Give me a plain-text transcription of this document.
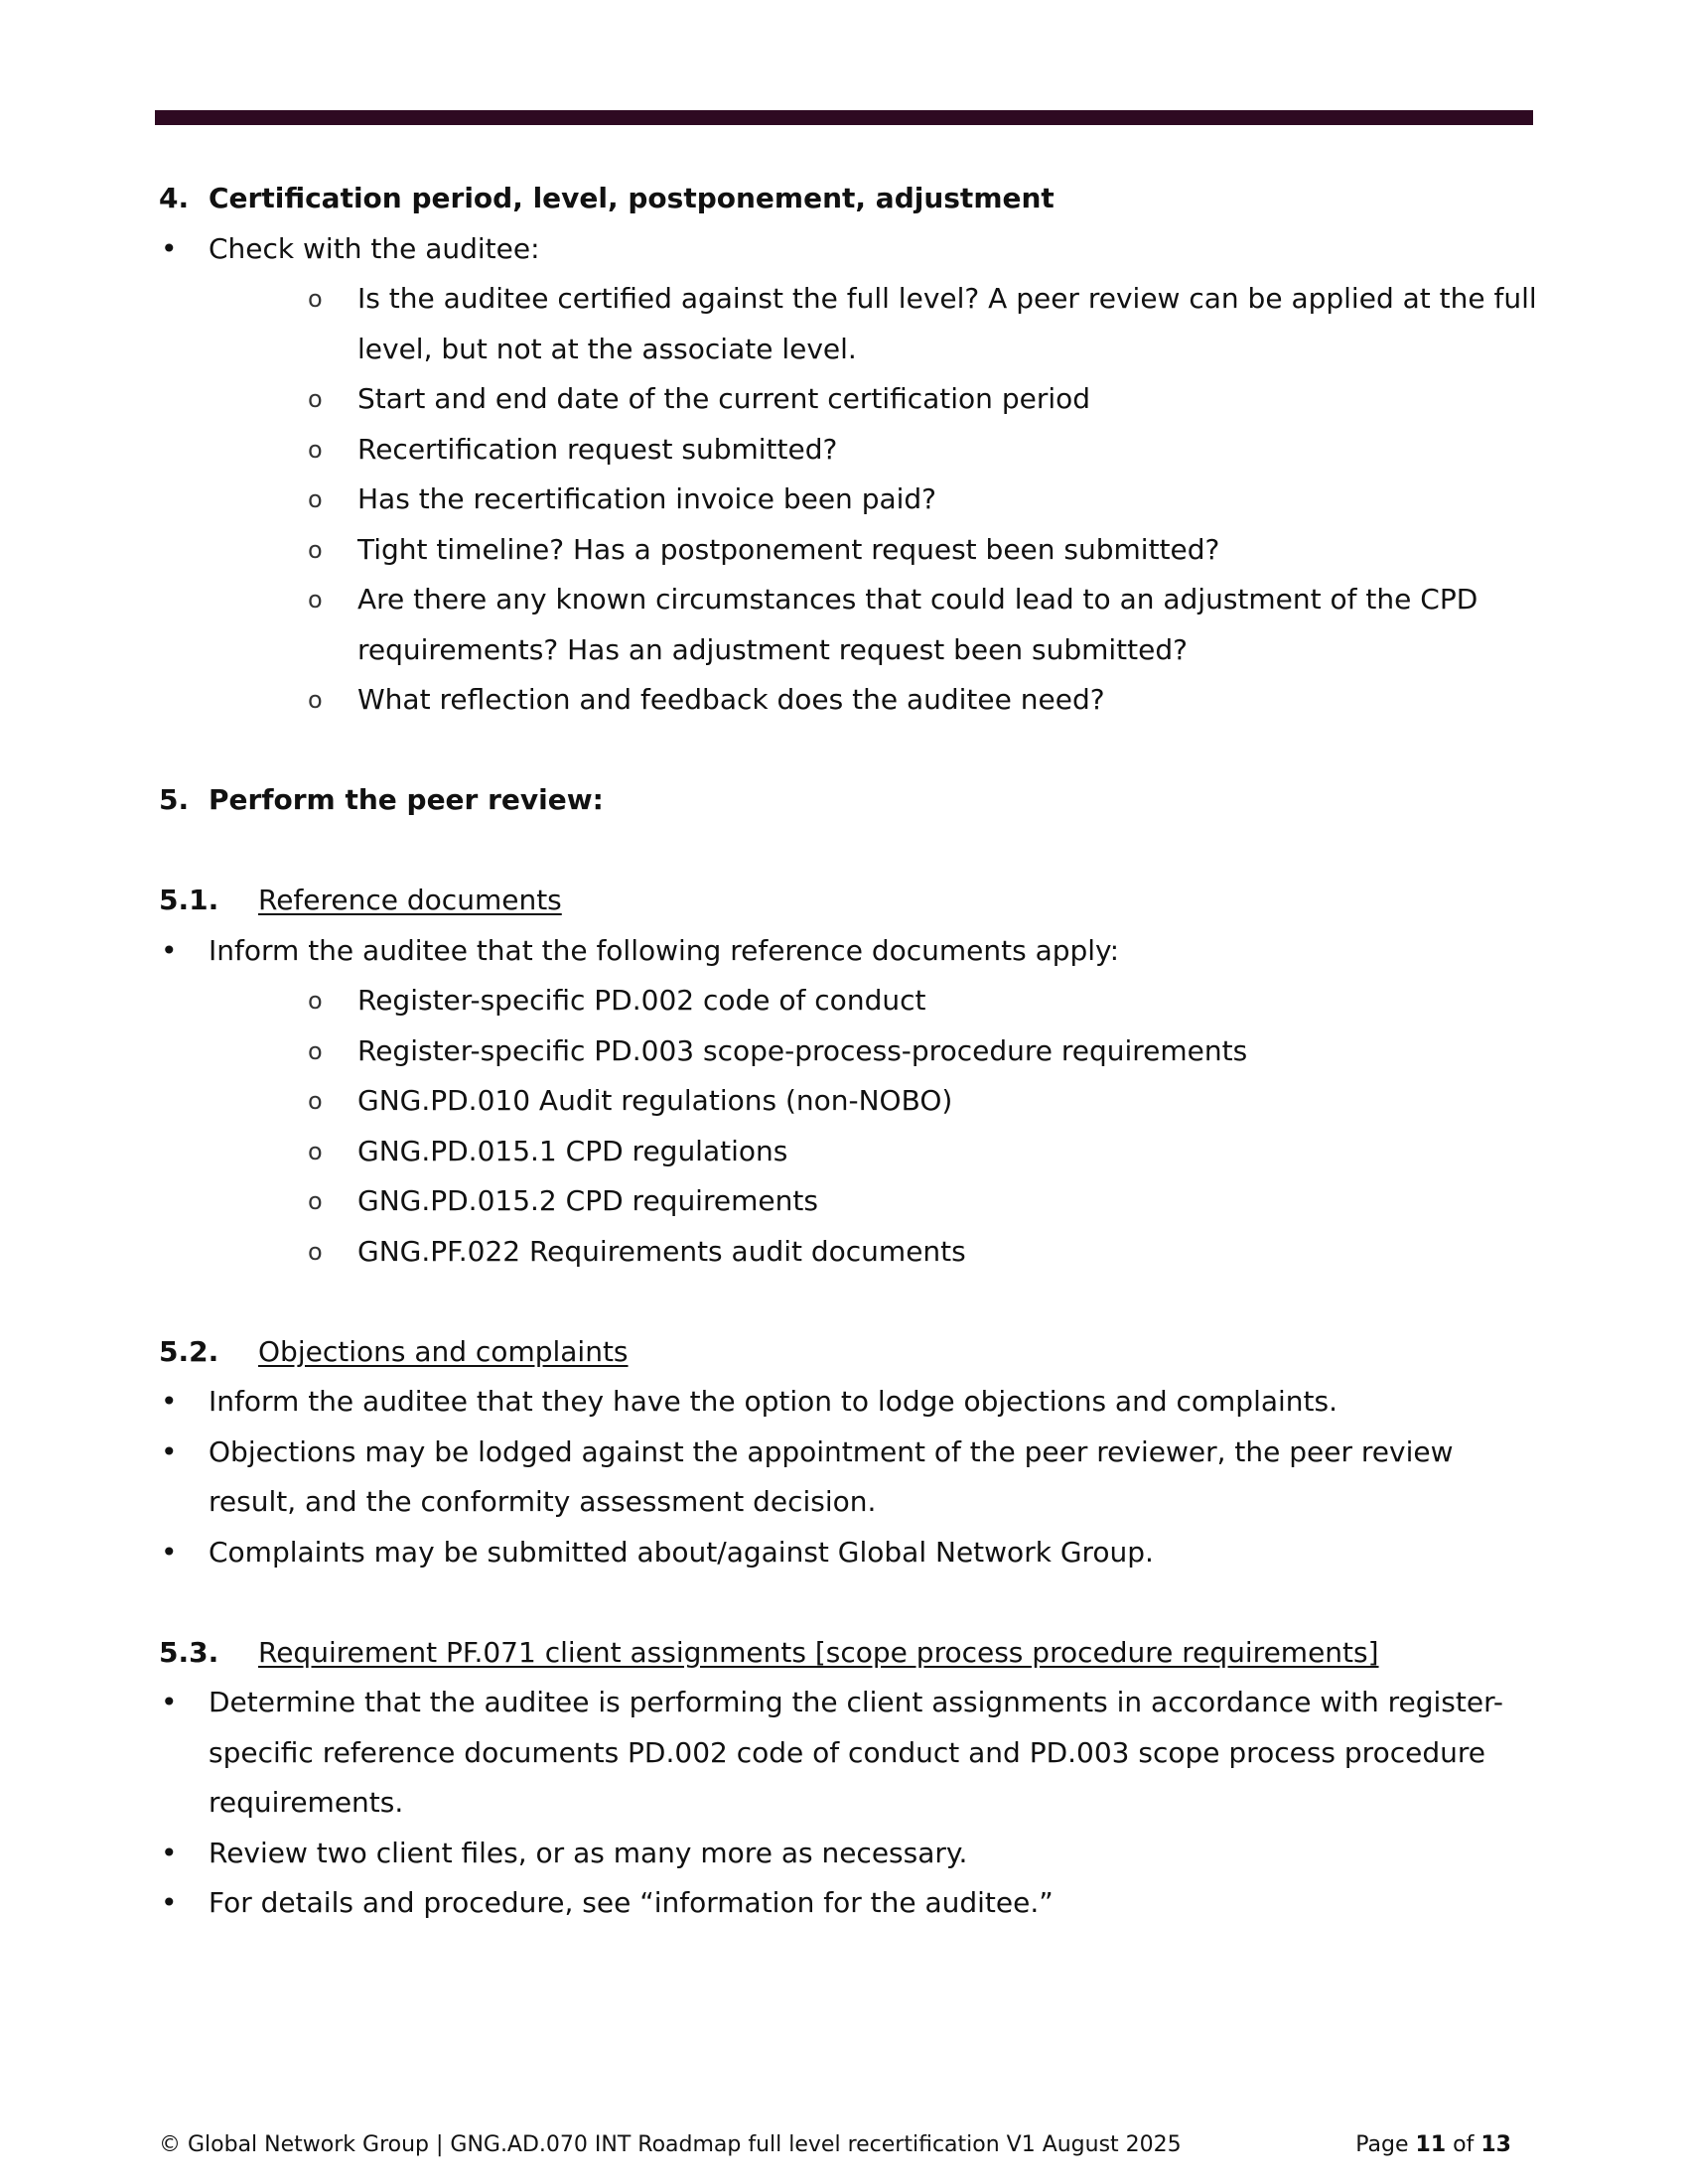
4. Certification period, level, postponement, adjustment
•
Check with the auditee:
o
Is the auditee certified against the full level? A peer review can be applied at the full level, but not at the associate level.
o
Start and end date of the current certification period
o
Recertification request submitted?
o
Has the recertification invoice been paid?
o
Tight timeline? Has a postponement request been submitted?
o
Are there any known circumstances that could lead to an adjustment of the CPD requirements? Has an adjustment request been submitted?
o
What reflection and feedback does the auditee need?
5. Perform the peer review:
5.1.	Reference documents
•
Inform the auditee that the following reference documents apply:
o
Register-specific PD.002 code of conduct
o
Register-specific PD.003 scope-process-procedure requirements
o
GNG.PD.010 Audit regulations (non-NOBO)
o
GNG.PD.015.1 CPD regulations
o
GNG.PD.015.2 CPD requirements
o
GNG.PF.022 Requirements audit documents
5.2.	Objections and complaints
•
Inform the auditee that they have the option to lodge objections and complaints.
•
Objections may be lodged against the appointment of the peer reviewer, the peer review result, and the conformity assessment decision.
•
Complaints may be submitted about/against Global Network Group.
5.3.	Requirement PF.071 client assignments [scope process procedure requirements]
•
Determine that the auditee is performing the client assignments in accordance with register-specific reference documents PD.002 code of conduct and PD.003 scope process procedure requirements.
•
Review two client files, or as many more as necessary.
•
For details and procedure, see “information for the auditee.”
© Global Network Group | GNG.AD.070 INT Roadmap full level recertification V1 August 2025	Page 11 of 13
